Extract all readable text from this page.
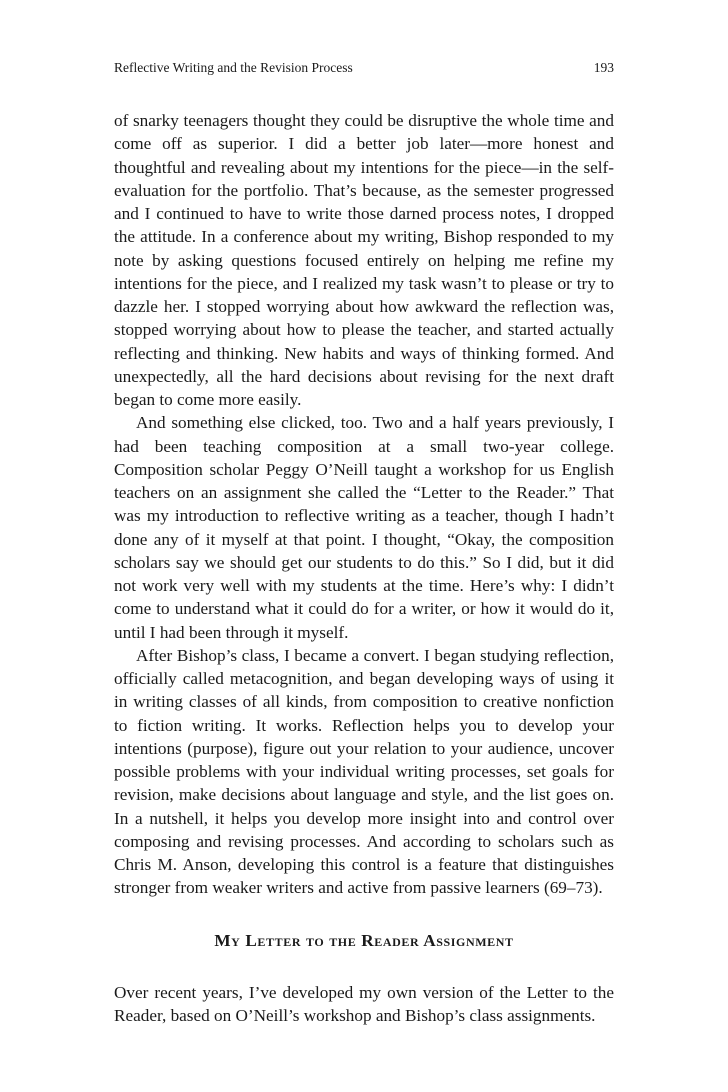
Reflective Writing and the Revision Process	193

of snarky teenagers thought they could be disruptive the whole time and come off as superior. I did a better job later—more honest and thoughtful and revealing about my intentions for the piece—in the self-evaluation for the portfolio. That’s because, as the semester progressed and I continued to have to write those darned process notes, I dropped the attitude. In a conference about my writing, Bishop responded to my note by asking questions focused entirely on helping me refine my intentions for the piece, and I realized my task wasn’t to please or try to dazzle her. I stopped worrying about how awkward the reflection was, stopped worrying about how to please the teacher, and started actually reflecting and thinking. New habits and ways of thinking formed. And unexpectedly, all the hard decisions about revising for the next draft began to come more easily.

And something else clicked, too. Two and a half years previously, I had been teaching composition at a small two-year college. Composition scholar Peggy O’Neill taught a workshop for us English teachers on an assignment she called the “Letter to the Reader.” That was my introduction to reflective writing as a teacher, though I hadn’t done any of it myself at that point. I thought, “Okay, the composition scholars say we should get our students to do this.” So I did, but it did not work very well with my students at the time. Here’s why: I didn’t come to understand what it could do for a writer, or how it would do it, until I had been through it myself.

After Bishop’s class, I became a convert. I began studying reflection, officially called metacognition, and began developing ways of using it in writing classes of all kinds, from composition to creative nonfiction to fiction writing. It works. Reflection helps you to develop your intentions (purpose), figure out your relation to your audience, uncover possible problems with your individual writing processes, set goals for revision, make decisions about language and style, and the list goes on. In a nutshell, it helps you develop more insight into and control over composing and revising processes. And according to scholars such as Chris M. Anson, developing this control is a feature that distinguishes stronger from weaker writers and active from passive learners (69–73).

My Letter to the Reader Assignment

Over recent years, I’ve developed my own version of the Letter to the Reader, based on O’Neill’s workshop and Bishop’s class assignments.
